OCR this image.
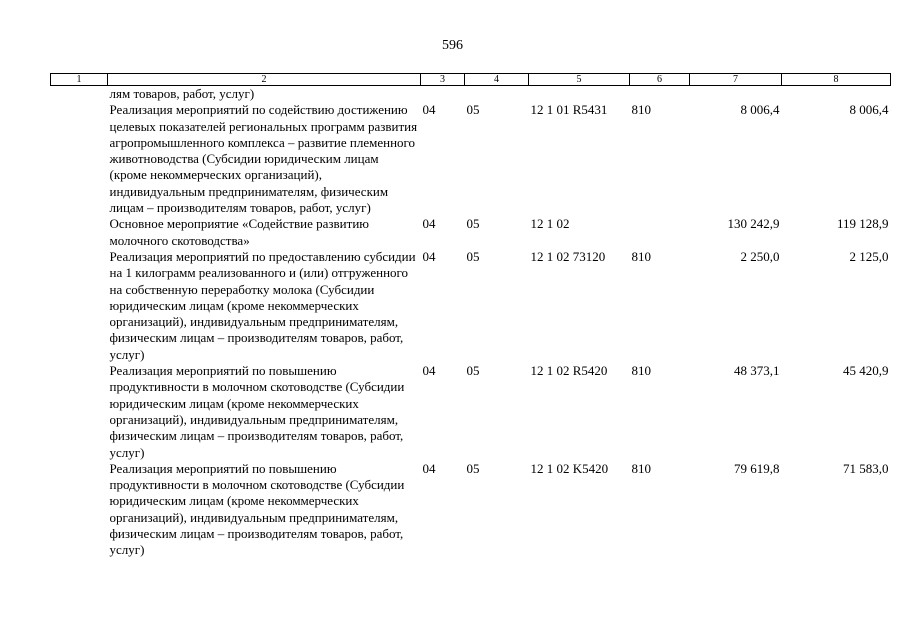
596
1	2	3	4	5	6	7	8
	лям товаров, работ, услуг)						
	Реализация мероприятий по содействию достижению целевых показателей региональных программ развития агропромышленного комплекса – развитие племенного животноводства (Субсидии юридическим лицам (кроме некоммерческих организаций), индивидуальным предпринимателям, физическим лицам – производителям товаров, работ, услуг)	04	05	12 1 01 R5431	810	8 006,4	8 006,4
	Основное мероприятие «Содействие развитию молочного скотоводства»	04	05	12 1 02		130 242,9	119 128,9
	Реализация мероприятий по предоставлению субсидии на 1 килограмм реализованного и (или) отгруженного на собственную переработку молока (Субсидии юридическим лицам (кроме некоммерческих организаций), индивидуальным предпринимателям, физическим лицам – производителям товаров, работ, услуг)	04	05	12 1 02 73120	810	2 250,0	2 125,0
	Реализация мероприятий по повышению продуктивности в молочном скотоводстве (Субсидии юридическим лицам (кроме некоммерческих организаций), индивидуальным предпринимателям, физическим лицам – производителям товаров, работ, услуг)	04	05	12 1 02 R5420	810	48 373,1	45 420,9
	Реализация мероприятий по повышению продуктивности в молочном скотоводстве (Субсидии юридическим лицам (кроме некоммерческих организаций), индивидуальным предпринимателям, физическим лицам – производителям товаров, работ, услуг)	04	05	12 1 02 K5420	810	79 619,8	71 583,0
